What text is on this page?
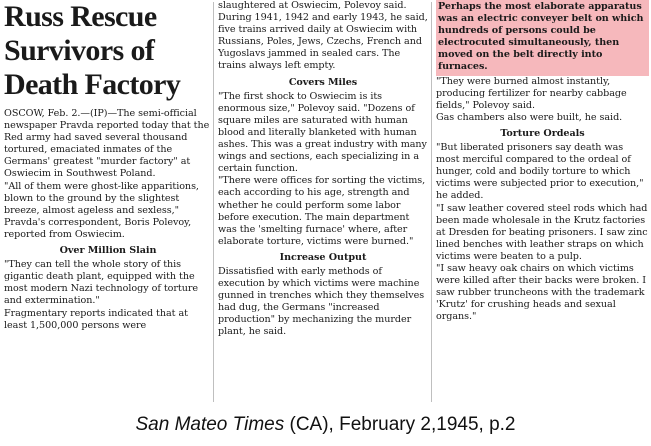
Russ Rescue
Survivors of
Death Factory

OSCOW, Feb. 2.—(IP)—The semi-official newspaper Pravda reported today that the Red army had saved several thousand tortured, emaciated inmates of the Germans' greatest "murder factory" at Oswiecim in Southwest Poland.

"All of them were ghost-like apparitions, blown to the ground by the slightest breeze, almost ageless and sexless," Pravda's correspondent, Boris Polevoy, reported from Oswiecim.

Over Million Slain

"They can tell the whole story of this gigantic death plant, equipped with the most modern Nazi technology of torture and extermination."

Fragmentary reports indicated that at least 1,500,000 persons were

slaughtered at Oswiecim, Polevoy said. During 1941, 1942 and early 1943, he said, five trains arrived daily at Oswiecim with Russians, Poles, Jews, Czechs, French and Yugoslavs jammed in sealed cars. The trains always left empty.

Covers Miles

"The first shock to Oswiecim is its enormous size," Polevoy said. "Dozens of square miles are saturated with human blood and literally blanketed with human ashes. This was a great industry with many wings and sections, each specializing in a certain function.

"There were offices for sorting the victims, each according to his age, strength and whether he could perform some labor before execution. The main department was the 'smelting furnace' where, after elaborate torture, victims were burned."

Increase Output

Dissatisfied with early methods of execution by which victims were machine gunned in trenches which they themselves had dug, the Germans "increased production" by mechanizing the murder plant, he said.

Perhaps the most elaborate apparatus was an electric conveyer belt on which hundreds of persons could be electrocuted simultaneously, then moved on the belt directly into furnaces.

"They were burned almost instantly, producing fertilizer for nearby cabbage fields," Polevoy said.

Gas chambers also were built, he said.

Torture Ordeals

"But liberated prisoners say death was most merciful compared to the ordeal of hunger, cold and bodily torture to which victims were subjected prior to execution," he added.

"I saw leather covered steel rods which had been made wholesale in the Krutz factories at Dresden for beating prisoners. I saw zinc lined benches with leather straps on which victims were beaten to a pulp.

"I saw heavy oak chairs on which victims were killed after their backs were broken. I saw rubber truncheons with the trademark 'Krutz' for crushing heads and sexual organs."

San Mateo Times (CA), February 2,1945, p.2
